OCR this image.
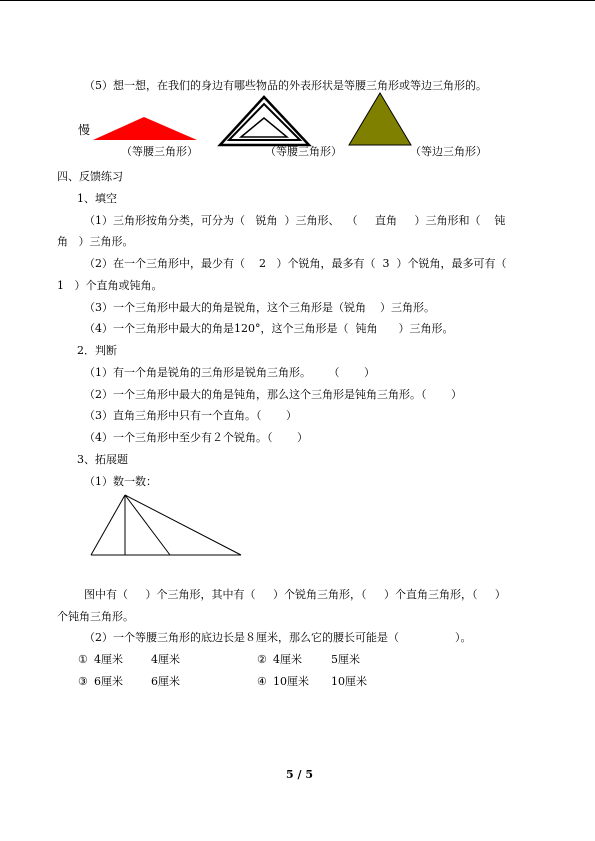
（5）想一想，在我们的身边有哪些物品的外表形状是等腰三角形或等边三角形的。
慢
（等腰三角形）	（等腰三角形）	（等边三角形）
四、反馈练习
1、填空
（1）三角形按角分类，可分为（   锐角  ）三角形、  （     直角     ）三角形和（    钝
角   ）三角形。
（2）在一个三角形中，最少有（    2   ）个锐角，最多有（  3  ）个锐角，最多可有（
1   ）个直角或钝角。
（3）一个三角形中最大的角是锐角，这个三角形是（锐角    ）三角形。
（4）一个三角形中最大的角是120°，这个三角形是（  钝角      ）三角形。
2．判断
（1）有一个角是锐角的三角形是锐角三角形。     （       ）
（2）一个三角形中最大的角是钝角，那么这个三角形是钝角三角形。（       ）
（3）直角三角形中只有一个直角。（       ）
（4）一个三角形中至少有２个锐角。（       ）
3、拓展题
（1）数一数：
图中有（     ）个三角形，其中有（     ）个锐角三角形，（     ）个直角三角形，（     ）
个钝角三角形。
（2）一个等腰三角形的底边长是８厘米，那么它的腰长可能是（                ）。
① 4厘米	4厘米	② 4厘米	5厘米
③ 6厘米	6厘米	④ 10厘米 10厘米
5 / 5
